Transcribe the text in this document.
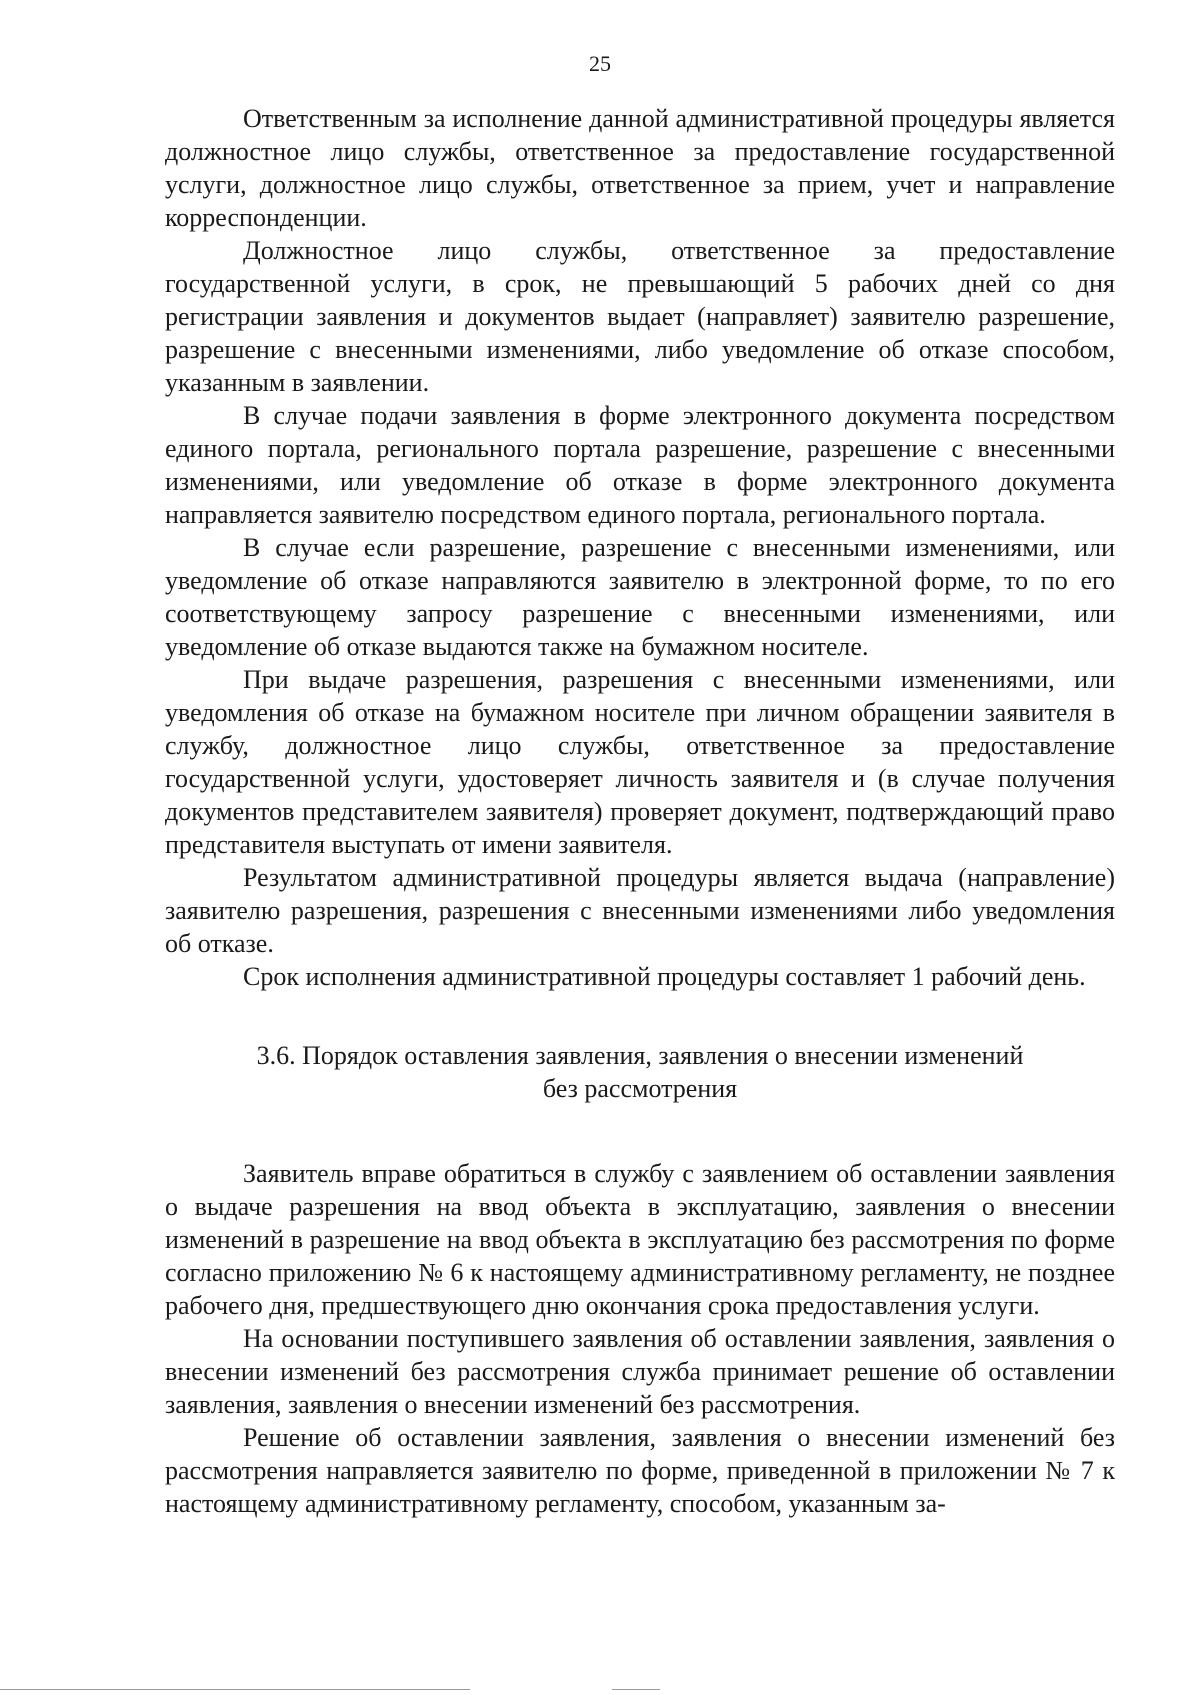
25

Ответственным за исполнение данной административной процедуры является должностное лицо службы, ответственное за предоставление государственной услуги, должностное лицо службы, ответственное за прием, учет и направление корреспонденции.

Должностное лицо службы, ответственное за предоставление государственной услуги, в срок, не превышающий 5 рабочих дней со дня регистрации заявления и документов выдает (направляет) заявителю разрешение, разрешение с внесенными изменениями, либо уведомление об отказе способом, указанным в заявлении.

В случае подачи заявления в форме электронного документа посредством единого портала, регионального портала разрешение, разрешение с внесенными изменениями, или уведомление об отказе в форме электронного документа направляется заявителю посредством единого портала, регионального портала.

В случае если разрешение, разрешение с внесенными изменениями, или уведомление об отказе направляются заявителю в электронной форме, то по его соответствующему запросу разрешение с внесенными изменениями, или уведомление об отказе выдаются также на бумажном носителе.

При выдаче разрешения, разрешения с внесенными изменениями, или уведомления об отказе на бумажном носителе при личном обращении заявителя в службу, должностное лицо службы, ответственное за предоставление государственной услуги, удостоверяет личность заявителя и (в случае получения документов представителем заявителя) проверяет документ, подтверждающий право представителя выступать от имени заявителя.

Результатом административной процедуры является выдача (направление) заявителю разрешения, разрешения с внесенными изменениями либо уведомления об отказе.

Срок исполнения административной процедуры составляет 1 рабочий день.

3.6. Порядок оставления заявления, заявления о внесении изменений
без рассмотрения

Заявитель вправе обратиться в службу с заявлением об оставлении заявления о выдаче разрешения на ввод объекта в эксплуатацию, заявления о внесении изменений в разрешение на ввод объекта в эксплуатацию без рассмотрения по форме согласно приложению № 6 к настоящему административному регламенту, не позднее рабочего дня, предшествующего дню окончания срока предоставления услуги.

На основании поступившего заявления об оставлении заявления, заявления о внесении изменений без рассмотрения служба принимает решение об оставлении заявления, заявления о внесении изменений без рассмотрения.

Решение об оставлении заявления, заявления о внесении изменений без рассмотрения направляется заявителю по форме, приведенной в приложении № 7 к настоящему административному регламенту, способом, указанным за-
